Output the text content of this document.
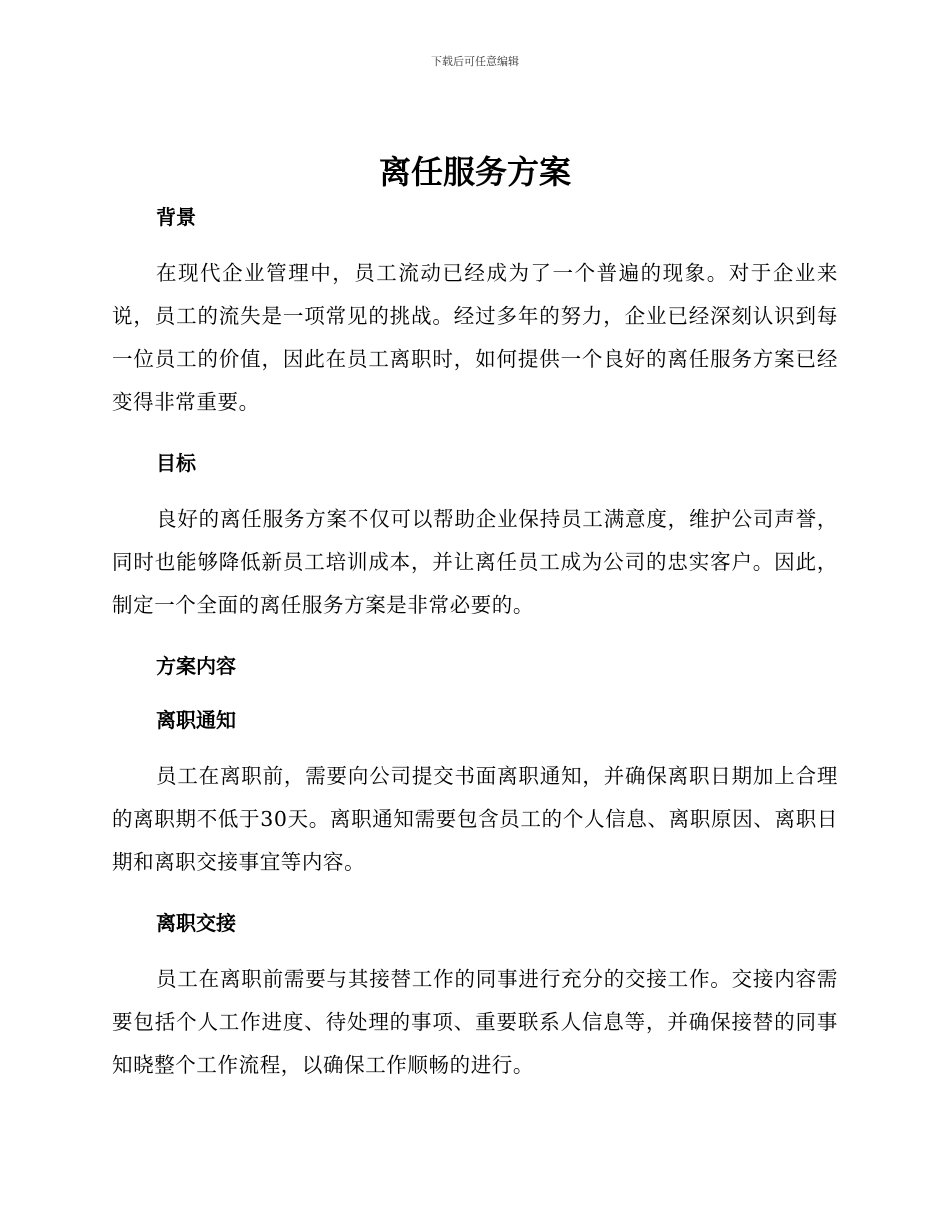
下载后可任意编辑
离任服务方案
背景

在现代企业管理中，员工流动已经成为了一个普遍的现象。对于企业来说，员工的流失是一项常见的挑战。经过多年的努力，企业已经深刻认识到每一位员工的价值，因此在员工离职时，如何提供一个良好的离任服务方案已经变得非常重要。

目标

良好的离任服务方案不仅可以帮助企业保持员工满意度，维护公司声誉，同时也能够降低新员工培训成本，并让离任员工成为公司的忠实客户。因此，制定一个全面的离任服务方案是非常必要的。

方案内容
离职通知

员工在离职前，需要向公司提交书面离职通知，并确保离职日期加上合理的离职期不低于30天。离职通知需要包含员工的个人信息、离职原因、离职日期和离职交接事宜等内容。

离职交接

员工在离职前需要与其接替工作的同事进行充分的交接工作。交接内容需要包括个人工作进度、待处理的事项、重要联系人信息等，并确保接替的同事知晓整个工作流程，以确保工作顺畅的进行。
